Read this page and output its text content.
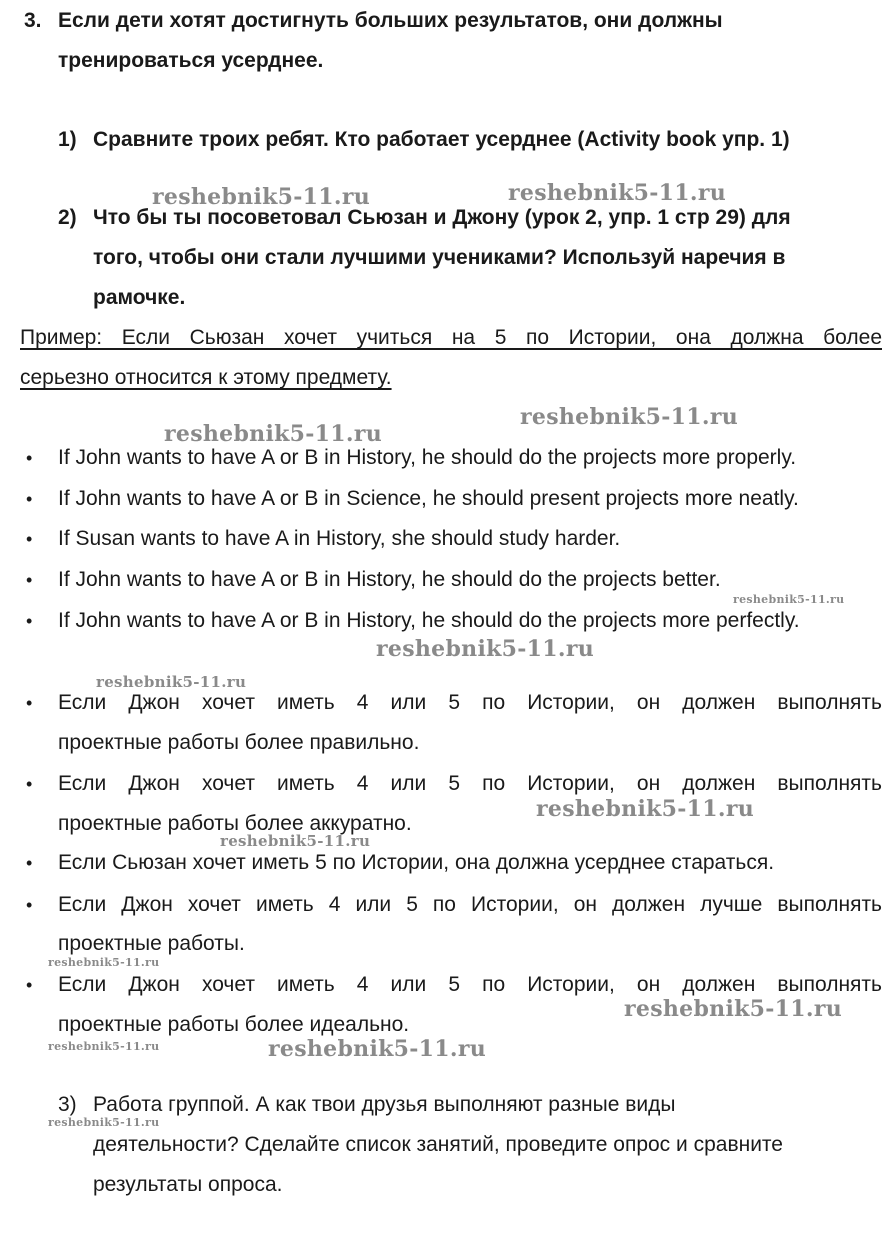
3. Если дети хотят достигнуть больших результатов, они должны
тренироваться усерднее.
1) Сравните троих ребят. Кто работает усерднее (Activity book упр. 1)
2) Что бы ты посоветовал Сьюзан и Джону (урок 2, упр. 1 стр 29) для
того, чтобы они стали лучшими учениками? Используй наречия в
рамочке.
Пример: Если Сьюзан хочет учиться на 5 по Истории, она должна более
серьезно относится к этому предмету.
• If John wants to have A or B in History, he should do the projects more properly.
• If John wants to have A or B in Science, he should present projects more neatly.
• If Susan wants to have A in History, she should study harder.
• If John wants to have A or B in History, he should do the projects better.
• If John wants to have A or B in History, he should do the projects more perfectly.
• Если Джон хочет иметь 4 или 5 по Истории, он должен выполнять
проектные работы более правильно.
• Если Джон хочет иметь 4 или 5 по Истории, он должен выполнять
проектные работы более аккуратно.
• Если Сьюзан хочет иметь 5 по Истории, она должна усерднее стараться.
• Если Джон хочет иметь 4 или 5 по Истории, он должен лучше выполнять
проектные работы.
• Если Джон хочет иметь 4 или 5 по Истории, он должен выполнять
проектные работы более идеально.
3) Работа группой. А как твои друзья выполняют разные виды
деятельности? Сделайте список занятий, проведите опрос и сравните
результаты опроса.
reshebnik5-11.ru	reshebnik5-11.ru
reshebnik5-11.ru
reshebnik5-11.ru
reshebnik5-11.ru
reshebnik5-11.ru
reshebnik5-11.ru
reshebnik5-11.ru
reshebnik5-11.ru
reshebnik5-11.ru
reshebnik5-11.ru
reshebnik5-11.ru	reshebnik5-11.ru
reshebnik5-11.ru
